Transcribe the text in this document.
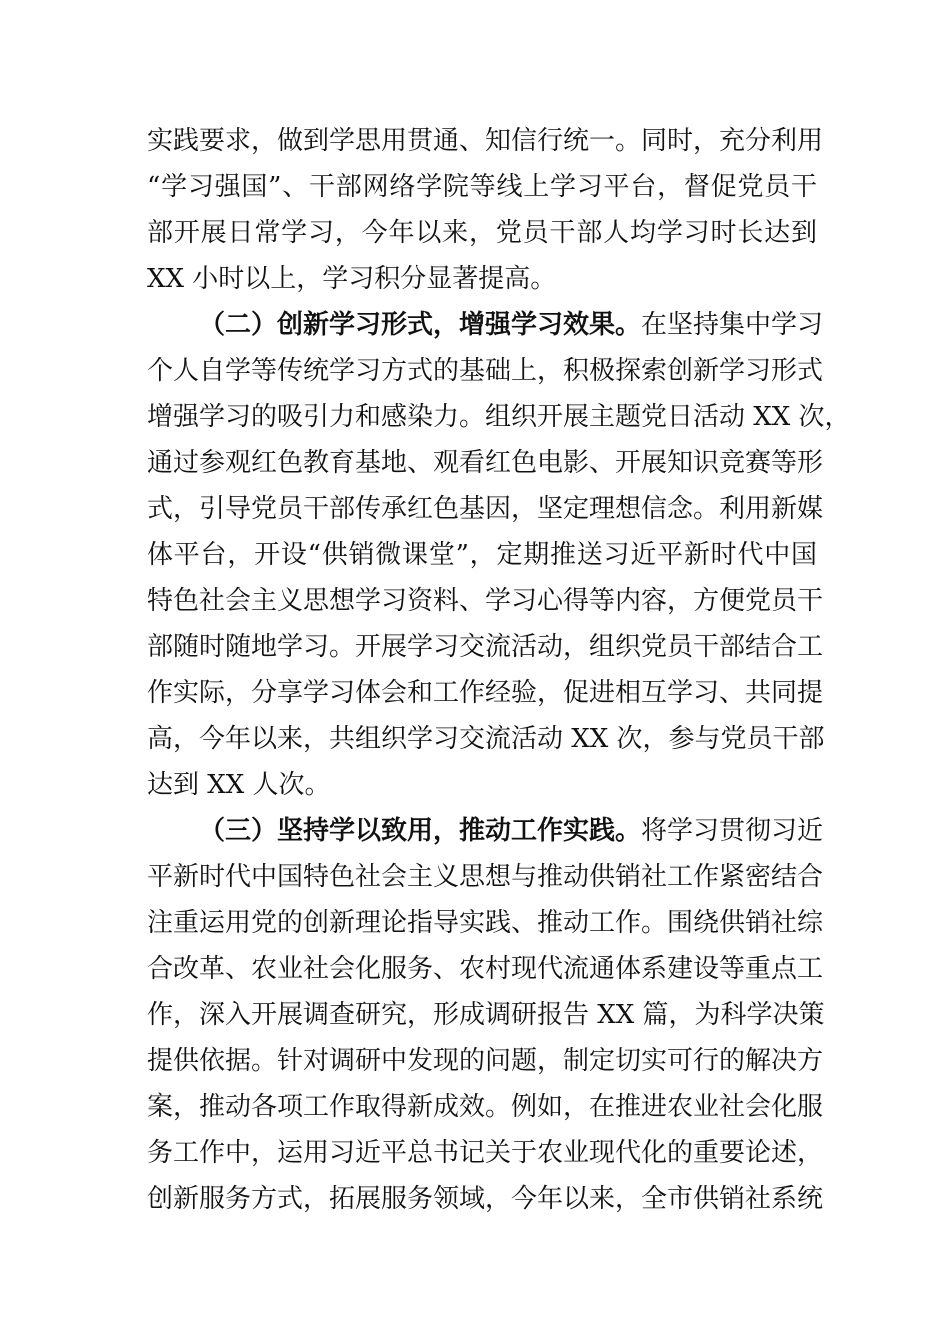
实践要求，做到学思用贯通、知信行统一。同时，充分利用
“学习强国”、干部网络学院等线上学习平台，督促党员干
部开展日常学习，今年以来，党员干部人均学习时长达到
XX 小时以上，学习积分显著提高。
（二）创新学习形式，增强学习效果。在坚持集中学习
个人自学等传统学习方式的基础上，积极探索创新学习形式
增强学习的吸引力和感染力。组织开展主题党日活动 XX 次，
通过参观红色教育基地、观看红色电影、开展知识竞赛等形
式，引导党员干部传承红色基因，坚定理想信念。利用新媒
体平台，开设“供销微课堂”，定期推送习近平新时代中国
特色社会主义思想学习资料、学习心得等内容，方便党员干
部随时随地学习。开展学习交流活动，组织党员干部结合工
作实际，分享学习体会和工作经验，促进相互学习、共同提
高，今年以来，共组织学习交流活动 XX 次，参与党员干部
达到 XX 人次。
（三）坚持学以致用，推动工作实践。将学习贯彻习近
平新时代中国特色社会主义思想与推动供销社工作紧密结合
注重运用党的创新理论指导实践、推动工作。围绕供销社综
合改革、农业社会化服务、农村现代流通体系建设等重点工
作，深入开展调查研究，形成调研报告 XX 篇，为科学决策
提供依据。针对调研中发现的问题，制定切实可行的解决方
案，推动各项工作取得新成效。例如，在推进农业社会化服
务工作中，运用习近平总书记关于农业现代化的重要论述，
创新服务方式，拓展服务领域，今年以来，全市供销社系统
